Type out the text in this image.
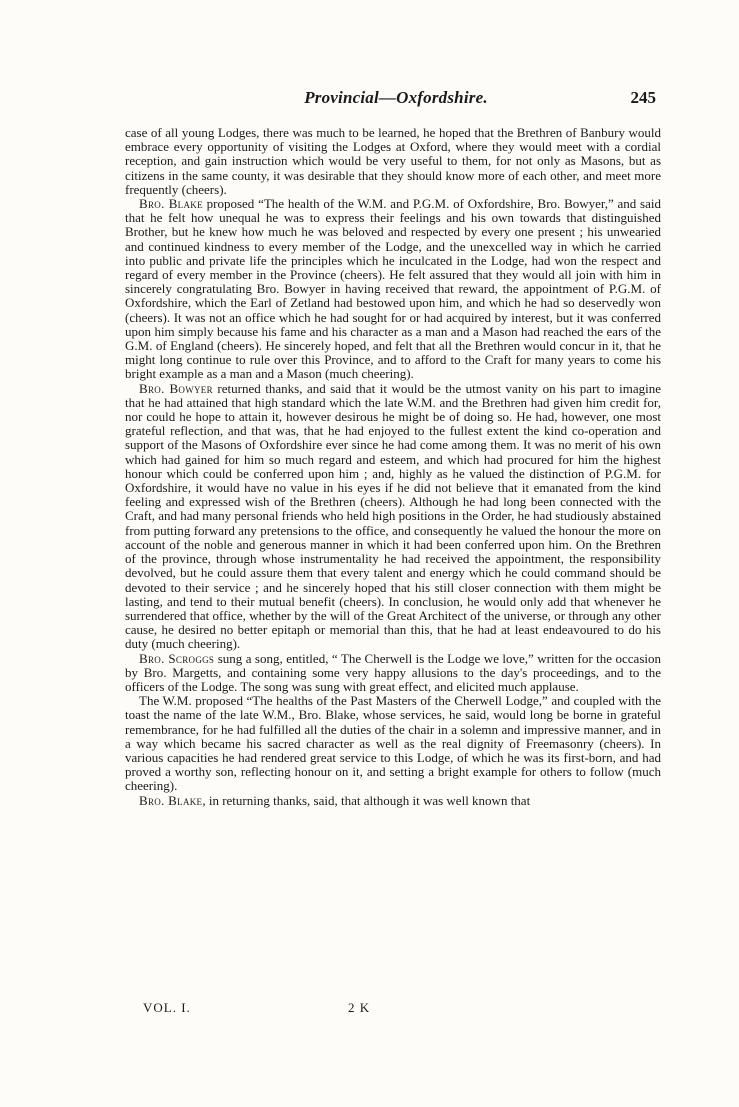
Provincial—Oxfordshire.	245

case of all young Lodges, there was much to be learned, he hoped that the Brethren of Banbury would embrace every opportunity of visiting the Lodges at Oxford, where they would meet with a cordial reception, and gain instruction which would be very useful to them, for not only as Masons, but as citizens in the same county, it was desirable that they should know more of each other, and meet more frequently (cheers).

Bro. Blake proposed “The health of the W.M. and P.G.M. of Oxfordshire, Bro. Bowyer,” and said that he felt how unequal he was to express their feelings and his own towards that distinguished Brother, but he knew how much he was beloved and respected by every one present ; his unwearied and continued kindness to every member of the Lodge, and the unexcelled way in which he carried into public and private life the principles which he inculcated in the Lodge, had won the respect and regard of every member in the Province (cheers). He felt assured that they would all join with him in sincerely congratulating Bro. Bowyer in having received that reward, the appointment of P.G.M. of Oxfordshire, which the Earl of Zetland had bestowed upon him, and which he had so deservedly won (cheers). It was not an office which he had sought for or had acquired by interest, but it was conferred upon him simply because his fame and his character as a man and a Mason had reached the ears of the G.M. of England (cheers). He sincerely hoped, and felt that all the Brethren would concur in it, that he might long continue to rule over this Province, and to afford to the Craft for many years to come his bright example as a man and a Mason (much cheering).

Bro. Bowyer returned thanks, and said that it would be the utmost vanity on his part to imagine that he had attained that high standard which the late W.M. and the Brethren had given him credit for, nor could he hope to attain it, however desirous he might be of doing so. He had, however, one most grateful reflection, and that was, that he had enjoyed to the fullest extent the kind co-operation and support of the Masons of Oxfordshire ever since he had come among them. It was no merit of his own which had gained for him so much regard and esteem, and which had procured for him the highest honour which could be conferred upon him ; and, highly as he valued the distinction of P.G.M. for Oxfordshire, it would have no value in his eyes if he did not believe that it emanated from the kind feeling and expressed wish of the Brethren (cheers). Although he had long been connected with the Craft, and had many personal friends who held high positions in the Order, he had studiously abstained from putting forward any pretensions to the office, and consequently he valued the honour the more on account of the noble and generous manner in which it had been conferred upon him. On the Brethren of the province, through whose instrumentality he had received the appointment, the responsibility devolved, but he could assure them that every talent and energy which he could command should be devoted to their service ; and he sincerely hoped that his still closer connection with them might be lasting, and tend to their mutual benefit (cheers). In conclusion, he would only add that whenever he surrendered that office, whether by the will of the Great Architect of the universe, or through any other cause, he desired no better epitaph or memorial than this, that he had at least endeavoured to do his duty (much cheering).

Bro. Scroggs sung a song, entitled, “ The Cherwell is the Lodge we love,” written for the occasion by Bro. Margetts, and containing some very happy allusions to the day's proceedings, and to the officers of the Lodge. The song was sung with great effect, and elicited much applause.

The W.M. proposed “The healths of the Past Masters of the Cherwell Lodge,” and coupled with the toast the name of the late W.M., Bro. Blake, whose services, he said, would long be borne in grateful remembrance, for he had fulfilled all the duties of the chair in a solemn and impressive manner, and in a way which became his sacred character as well as the real dignity of Freemasonry (cheers). In various capacities he had rendered great service to this Lodge, of which he was its first-born, and had proved a worthy son, reflecting honour on it, and setting a bright example for others to follow (much cheering).

Bro. Blake, in returning thanks, said, that although it was well known that

VOL. I.	2 K
